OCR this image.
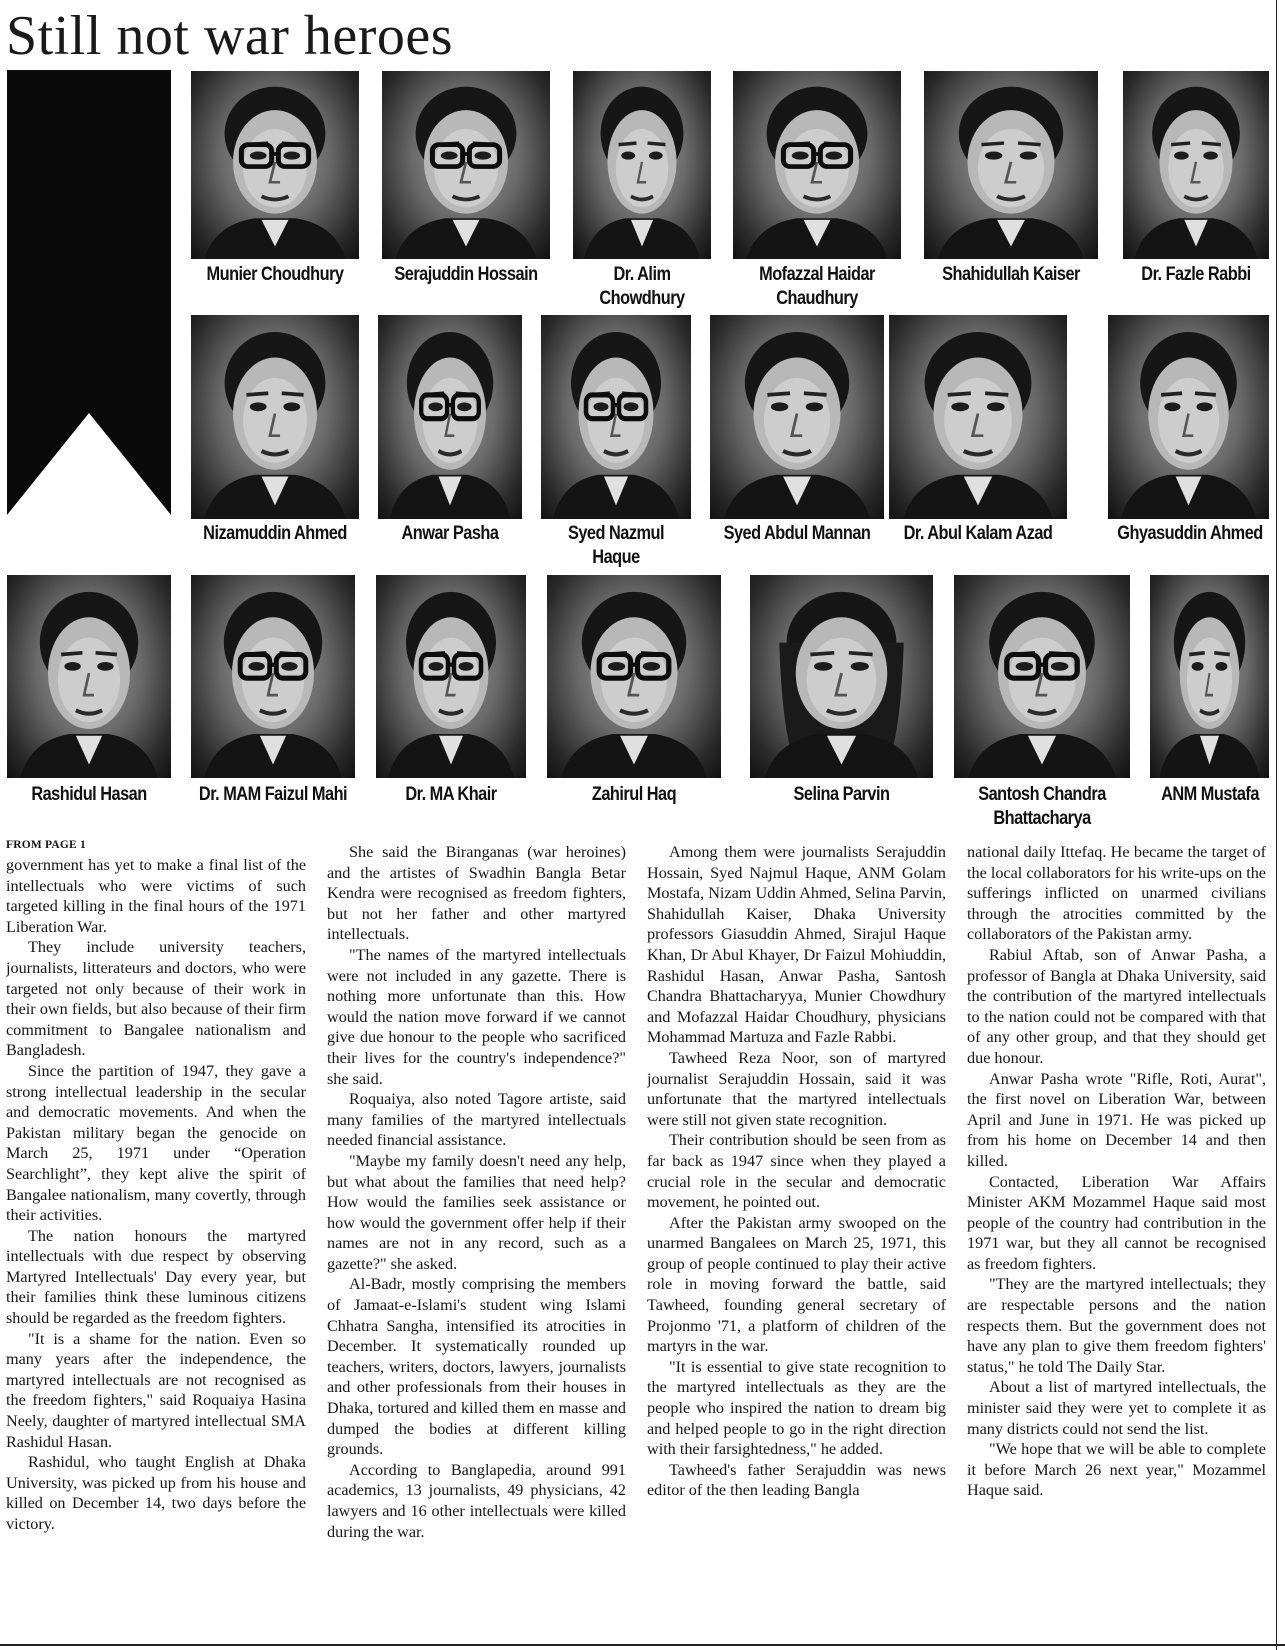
Still not war heroes
Munier Choudhury	Serajuddin Hossain	Dr. Alim Chowdhury
Mofazzal Haidar Chaudhury
Shahidullah Kaiser	Dr. Fazle Rabbi
Nizamuddin Ahmed	Anwar Pasha	Syed Nazmul Haque
Syed Abdul Mannan	Dr. Abul Kalam Azad	Ghyasuddin Ahmed
Rashidul Hasan	Dr. MAM Faizul Mahi	Dr. MA Khair	Zahirul Haq	Selina Parvin	Santosh Chandra Bhattacharya
ANM Mustafa
FROM PAGE 1

government has yet to make a final list of the intellectuals who were victims of such targeted killing in the final hours of the 1971 Liberation War.

They include university teachers, journalists, litterateurs and doctors, who were targeted not only because of their work in their own fields, but also because of their firm commitment to Bangalee nationalism and Bangladesh.

Since the partition of 1947, they gave a strong intellectual leadership in the secular and democratic movements. And when the Pakistan military began the genocide on March 25, 1971 under “Operation Searchlight”, they kept alive the spirit of Bangalee nationalism, many covertly, through their activities.

The nation honours the martyred intellectuals with due respect by observing Martyred Intellectuals' Day every year, but their families think these luminous citizens should be regarded as the freedom fighters.

"It is a shame for the nation. Even so many years after the independence, the martyred intellectuals are not recognised as the freedom fighters," said Roquaiya Hasina Neely, daughter of martyred intellectual SMA Rashidul Hasan.

Rashidul, who taught English at Dhaka University, was picked up from his house and killed on December 14, two days before the victory.

She said the Biranganas (war heroines) and the artistes of Swadhin Bangla Betar Kendra were recognised as freedom fighters, but not her father and other martyred intellectuals.

"The names of the martyred intellectuals were not included in any gazette. There is nothing more unfortunate than this. How would the nation move forward if we cannot give due honour to the people who sacrificed their lives for the country's independence?" she said.

Roquaiya, also noted Tagore artiste, said many families of the martyred intellectuals needed financial assistance.

"Maybe my family doesn't need any help, but what about the families that need help? How would the families seek assistance or how would the government offer help if their names are not in any record, such as a gazette?" she asked.

Al-Badr, mostly comprising the members of Jamaat-e-Islami's student wing Islami Chhatra Sangha, intensified its atrocities in December. It systematically rounded up teachers, writers, doctors, lawyers, journalists and other professionals from their houses in Dhaka, tortured and killed them en masse and dumped the bodies at different killing grounds.

According to Banglapedia, around 991 academics, 13 journalists, 49 physicians, 42 lawyers and 16 other intellectuals were killed during the war.

Among them were journalists Serajuddin Hossain, Syed Najmul Haque, ANM Golam Mostafa, Nizam Uddin Ahmed, Selina Parvin, Shahidullah Kaiser, Dhaka University professors Giasuddin Ahmed, Sirajul Haque Khan, Dr Abul Khayer, Dr Faizul Mohiuddin, Rashidul Hasan, Anwar Pasha, Santosh Chandra Bhattacharyya, Munier Chowdhury and Mofazzal Haidar Choudhury, physicians Mohammad Martuza and Fazle Rabbi.

Tawheed Reza Noor, son of martyred journalist Serajuddin Hossain, said it was unfortunate that the martyred intellectuals were still not given state recognition.

Their contribution should be seen from as far back as 1947 since when they played a crucial role in the secular and democratic movement, he pointed out.

After the Pakistan army swooped on the unarmed Bangalees on March 25, 1971, this group of people continued to play their active role in moving forward the battle, said Tawheed, founding general secretary of Projonmo '71, a platform of children of the martyrs in the war.

"It is essential to give state recognition to the martyred intellectuals as they are the people who inspired the nation to dream big and helped people to go in the right direction with their farsightedness," he added.

Tawheed's father Serajuddin was news editor of the then leading Bangla

national daily Ittefaq. He became the target of the local collaborators for his write-ups on the sufferings inflicted on unarmed civilians through the atrocities committed by the collaborators of the Pakistan army.

Rabiul Aftab, son of Anwar Pasha, a professor of Bangla at Dhaka University, said the contribution of the martyred intellectuals to the nation could not be compared with that of any other group, and that they should get due honour.

Anwar Pasha wrote "Rifle, Roti, Aurat", the first novel on Liberation War, between April and June in 1971. He was picked up from his home on December 14 and then killed.

Contacted, Liberation War Affairs Minister AKM Mozammel Haque said most people of the country had contribution in the 1971 war, but they all cannot be recognised as freedom fighters.

"They are the martyred intellectuals; they are respectable persons and the nation respects them. But the government does not have any plan to give them freedom fighters' status," he told The Daily Star.

About a list of martyred intellectuals, the minister said they were yet to complete it as many districts could not send the list.

"We hope that we will be able to complete it before March 26 next year," Mozammel Haque said.
